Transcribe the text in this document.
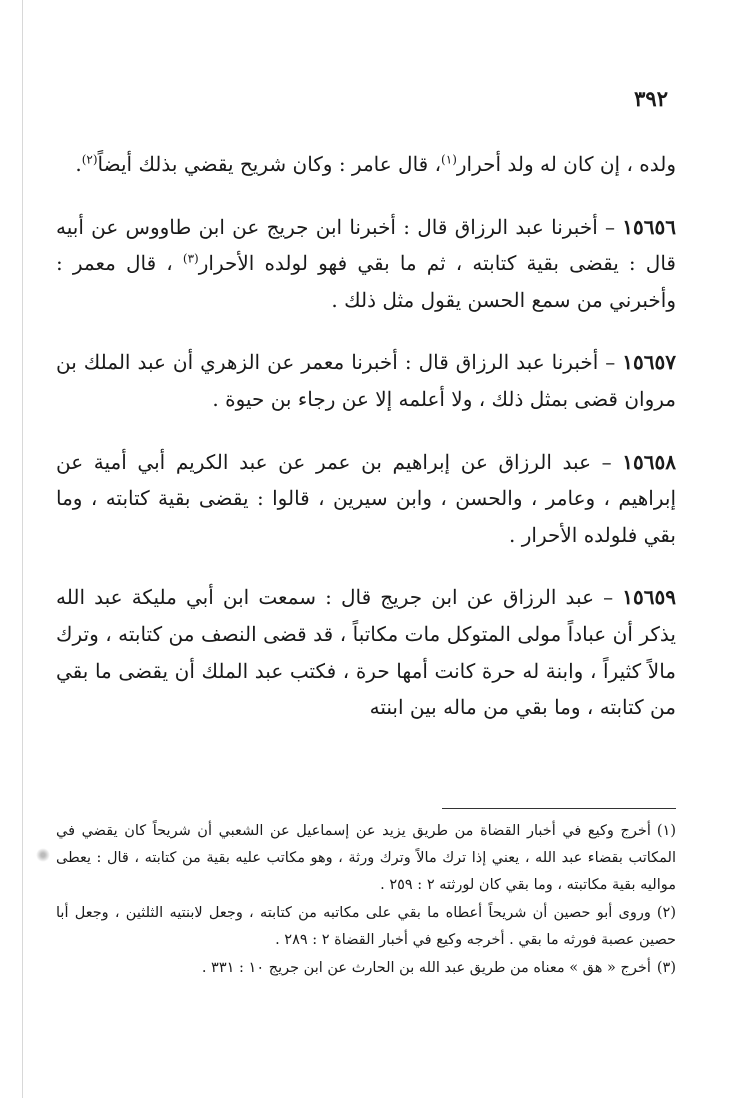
٣٩٢

ولده ، إن كان له ولد أحرار$^{(١)}$، قال عامر : وكان شريح يقضي بذلك أيضاً$^{(٢)}$.

١٥٦٥٦ – أخبرنا عبد الرزاق قال : أخبرنا ابن جريج عن ابن طاووس عن أبيه قال : يقضى بقية كتابته ، ثم ما بقي فهو لولده الأحرار$^{(٣)}$ ، قال معمر : وأخبرني من سمع الحسن يقول مثل ذلك .

١٥٦٥٧ – أخبرنا عبد الرزاق قال : أخبرنا معمر عن الزهري أن عبد الملك بن مروان قضى بمثل ذلك ، ولا أعلمه إلا عن رجاء بن حيوة .

١٥٦٥٨ – عبد الرزاق عن إبراهيم بن عمر عن عبد الكريم أبي أمية عن إبراهيم ، وعامر ، والحسن ، وابن سيرين ، قالوا : يقضى بقية كتابته ، وما بقي فلولده الأحرار .

١٥٦٥٩ – عبد الرزاق عن ابن جريج قال : سمعت ابن أبي مليكة عبد الله يذكر أن عباداً مولى المتوكل مات مكاتباً ، قد قضى النصف من كتابته ، وترك مالاً كثيراً ، وابنة له حرة كانت أمها حرة ، فكتب عبد الملك أن يقضى ما بقي من كتابته ، وما بقي من ماله بين ابنته

(١)أخرج وكيع في أخبار القضاة من طريق يزيد عن إسماعيل عن الشعبي أن شريحاً كان يقضي في المكاتب بقضاء عبد الله ، يعني إذا ترك مالاً وترك ورثة ، وهو مكاتب عليه بقية من كتابته ، قال : يعطى مواليه بقية مكاتبته ، وما بقي كان لورثته ٢ : ٢٥٩ .

(٢)وروى أبو حصين أن شريحاً أعطاه ما بقي على مكاتبه من كتابته ، وجعل لابنتيه الثلثين ، وجعل أبا حصين عصبة فورثه ما بقي . أخرجه وكيع في أخبار القضاة ٢ : ٢٨٩ .

(٣)أخرج « هق » معناه من طريق عبد الله بن الحارث عن ابن جريج ١٠ : ٣٣١ .
